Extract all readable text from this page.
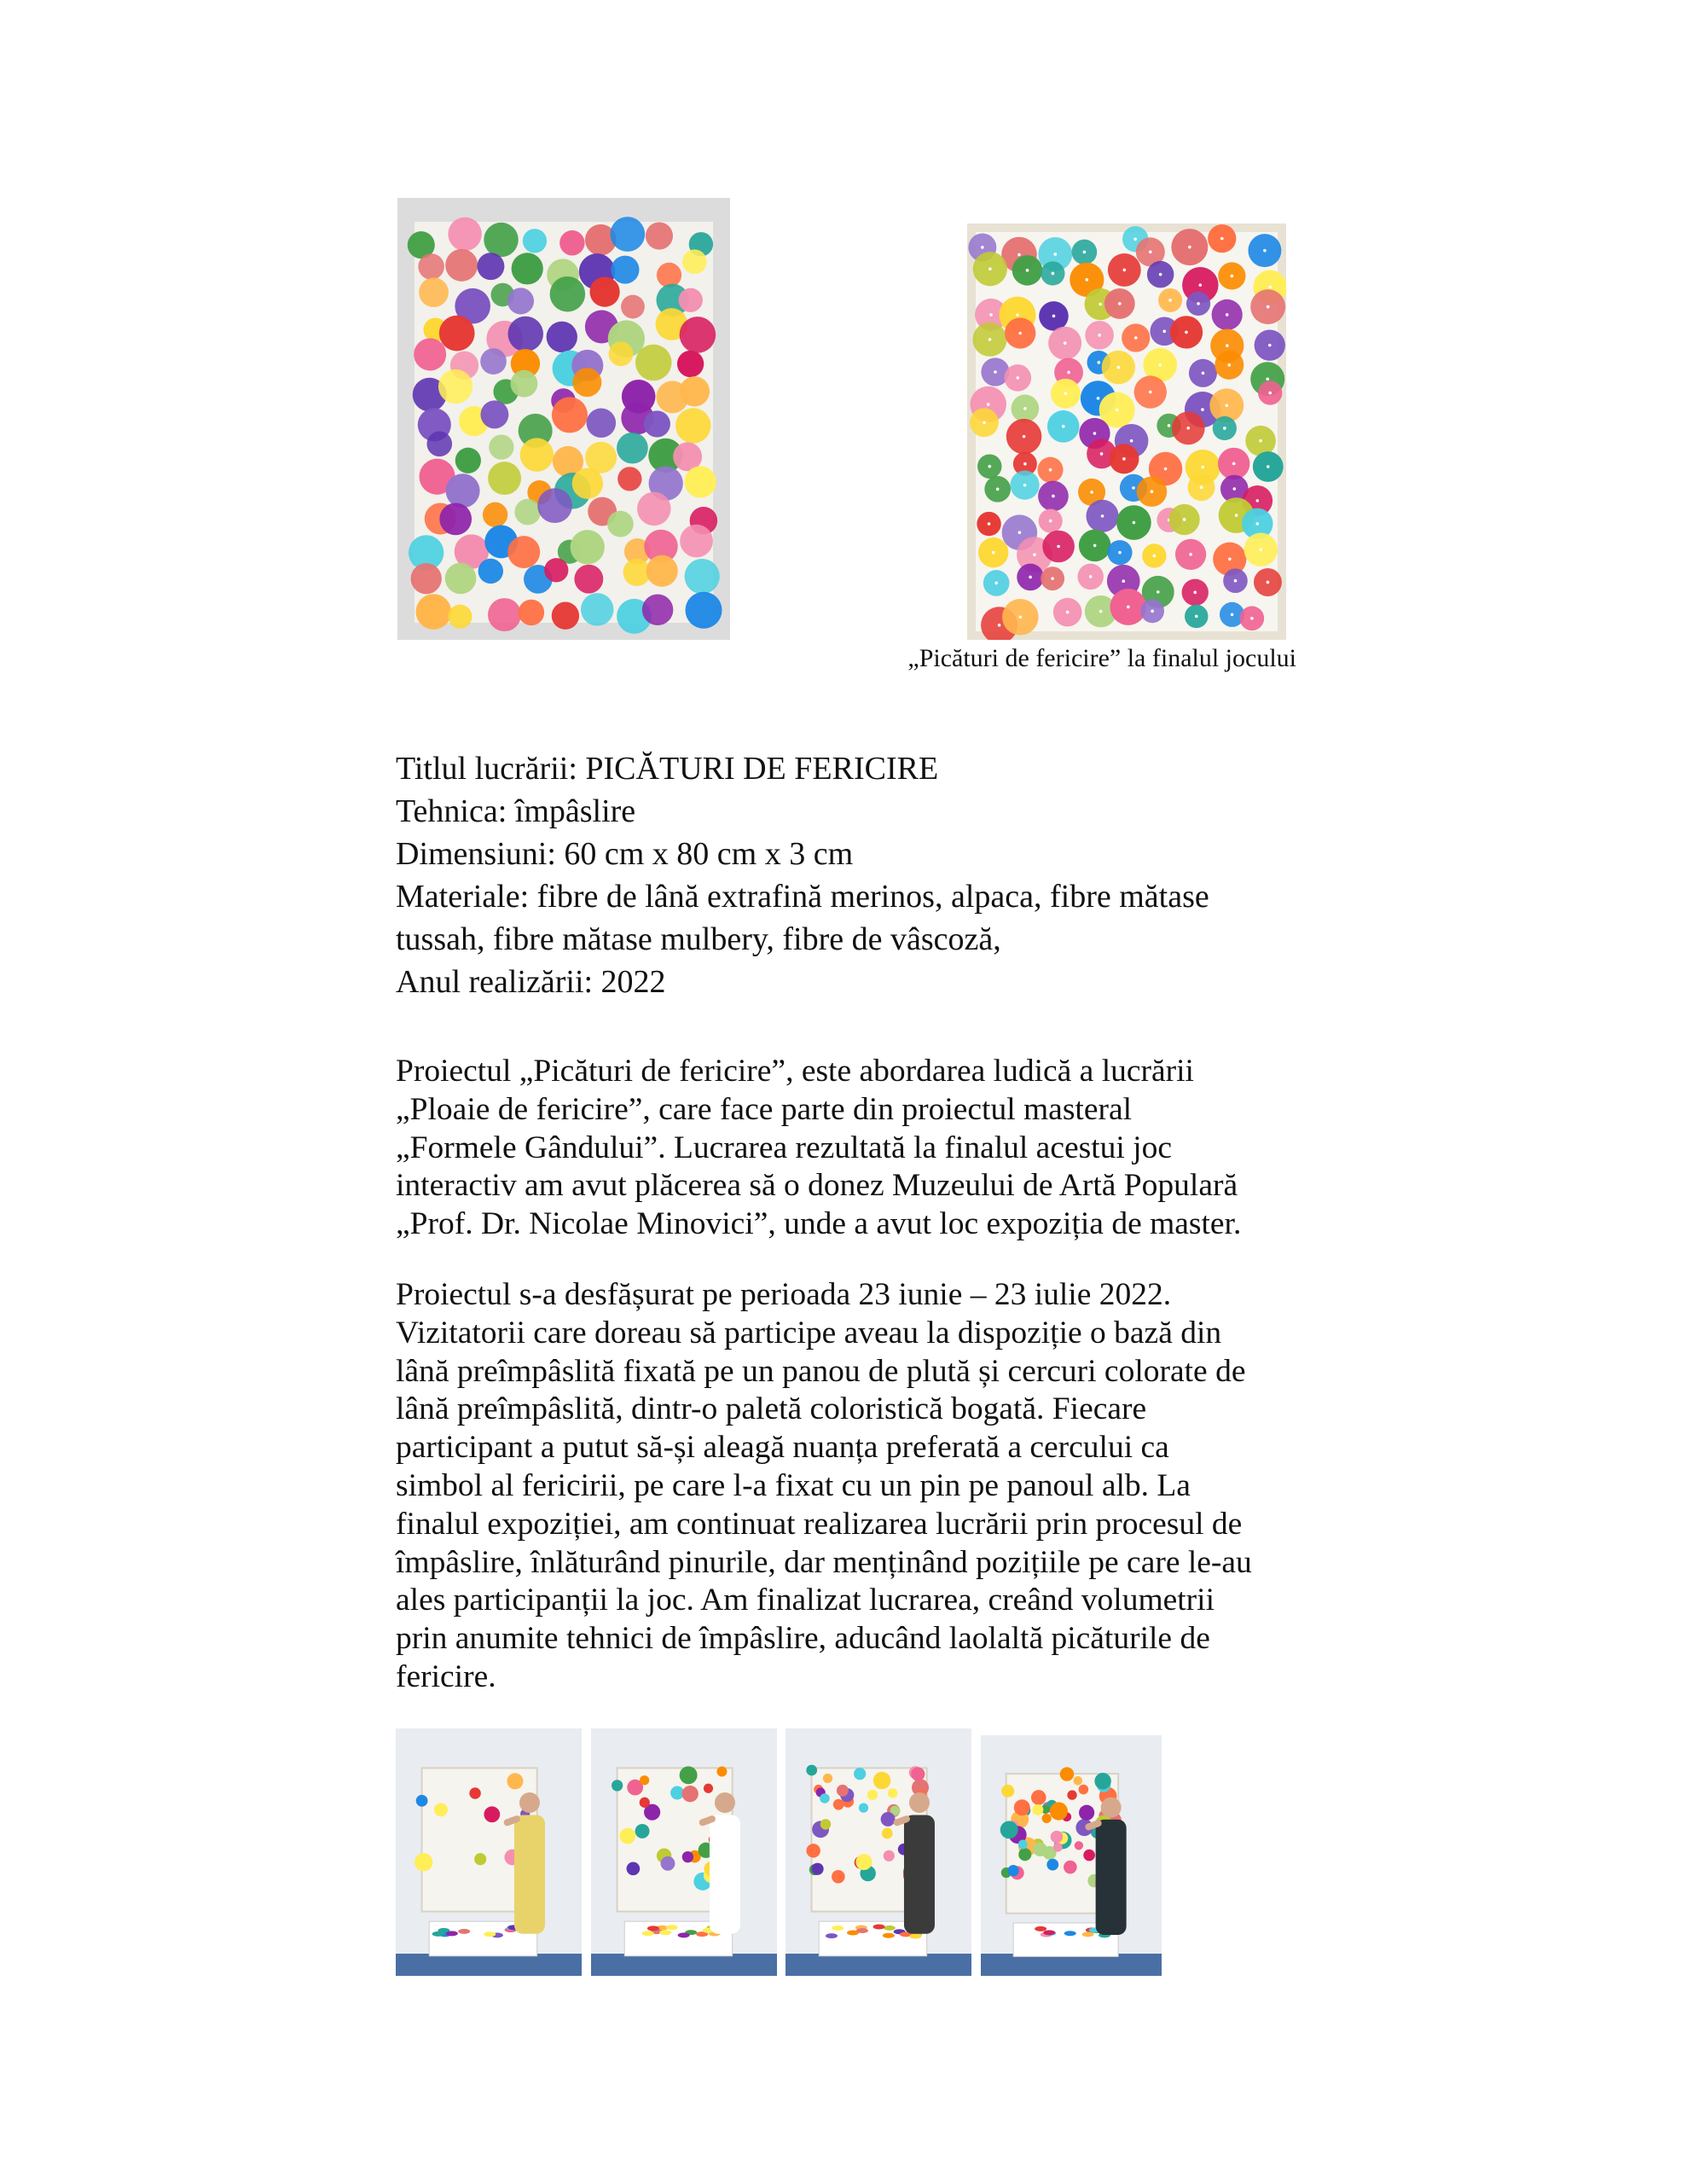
„Picături de fericire” la finalul jocului
Titlul lucrării: PICĂTURI DE FERICIRE
Tehnica: împâslire
Dimensiuni: 60 cm x 80 cm x 3 cm
Materiale: fibre de lână extrafină merinos, alpaca, fibre mătase
tussah, fibre mătase mulbery, fibre de vâscoză,
Anul realizării: 2022

Proiectul „Picături de fericire”, este abordarea ludică a lucrării
„Ploaie de fericire”, care face parte din proiectul masteral
„Formele Gândului”. Lucrarea rezultată la finalul acestui joc
interactiv am avut plăcerea să o donez Muzeului de Artă Populară
„Prof. Dr. Nicolae Minovici”, unde a avut loc expoziția de master.

Proiectul s-a desfășurat pe perioada 23 iunie – 23 iulie 2022.
Vizitatorii care doreau să participe aveau la dispoziție o bază din
lână preîmpâslită fixată pe un panou de plută și cercuri colorate de
lână preîmpâslită, dintr-o paletă coloristică bogată. Fiecare
participant a putut să-și aleagă nuanța preferată a cercului ca
simbol al fericirii, pe care l-a fixat cu un pin pe panoul alb. La
finalul expoziției, am continuat realizarea lucrării prin procesul de
împâslire, înlăturând pinurile, dar menținând pozițiile pe care le-au
ales participanții la joc. Am finalizat lucrarea, creând volumetrii
prin anumite tehnici de împâslire, aducând laolaltă picăturile de
fericire.
